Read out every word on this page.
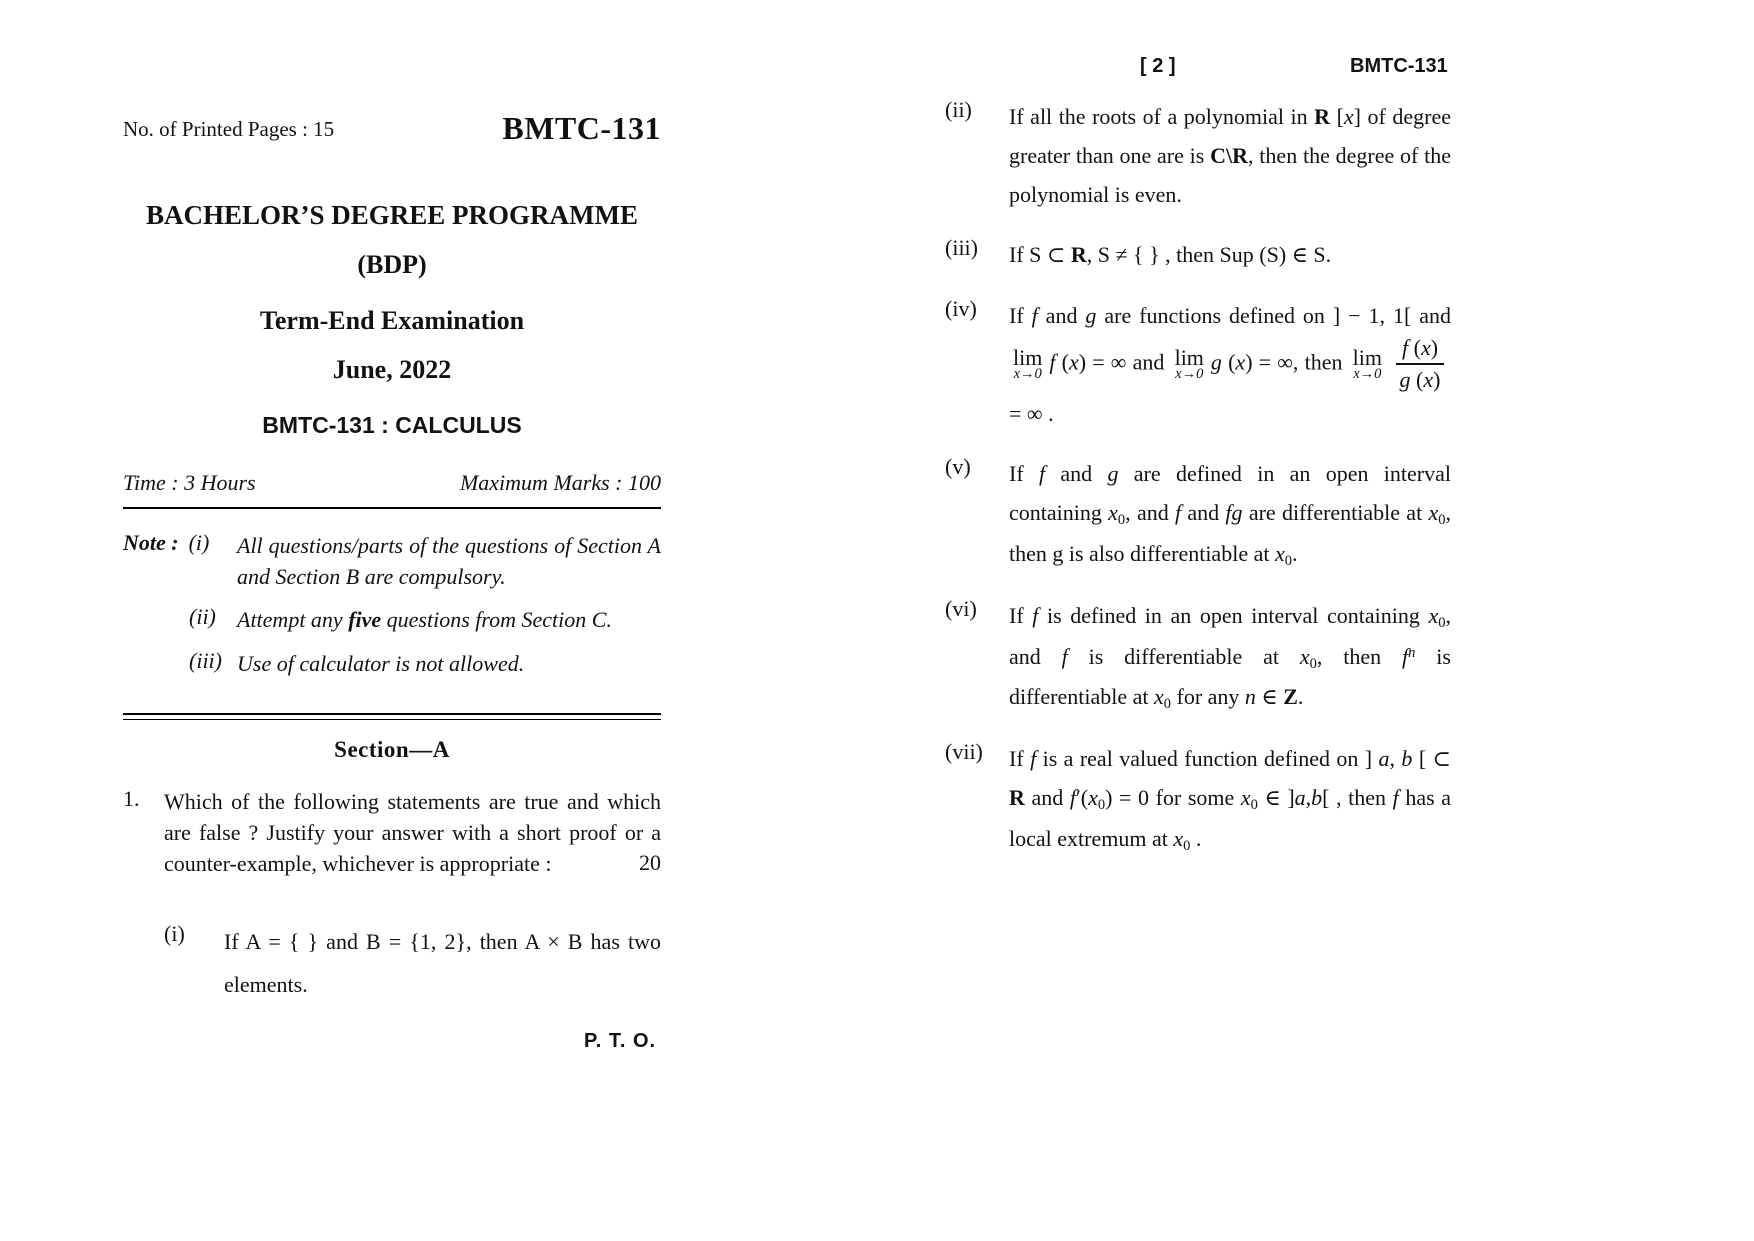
No. of Printed Pages : 15	BMTC-131
BACHELOR’S DEGREE PROGRAMME
(BDP)
Term-End Examination
June, 2022
BMTC-131 : CALCULUS
Time : 3 Hours	Maximum Marks : 100
Note : (i) All questions/parts of the questions of Section A and Section B are compulsory.
(ii) Attempt any five questions from Section C.
(iii) Use of calculator is not allowed.
Section—A
1.	Which of the following statements are true and which are false ? Justify your answer with a short proof or a counter-example, whichever is appropriate :	20
(i)	If A = { } and B = {1, 2}, then A × B has two elements.
P. T. O.
[ 2 ]	BMTC-131
(ii)	If all the roots of a polynomial in R [x] of degree greater than one are is C\R, then the degree of the polynomial is even.
(iii)	If S ⊂ R, S ≠ { } , then Sup (S) ∈ S.
(iv)	If f and g are functions defined on ] − 1, 1[ and
lim
x→0 f (x) = ∞ and lim
x→0 g (x) = ∞, then lim
$x\to 0 \frac{f (x)}{g (x)}$
= ∞ .
(v)	If f and g are defined in an open interval containing $x_0$, and f and fg are differentiable at $x_0$, then g is also differentiable at $x_0$.
(vi)	If f is defined in an open interval containing $x_0$, and f is differentiable at $x_0$, then $f^n$ is differentiable at $x_0$ for any n ∈ Z.
(vii)	If f is a real valued function defined on ] a, b [ ⊂ R and $f'(x_0) = 0$ for some $x_0$ ∈ ]a,b[ , then f has a local extremum at $x_0$ .
